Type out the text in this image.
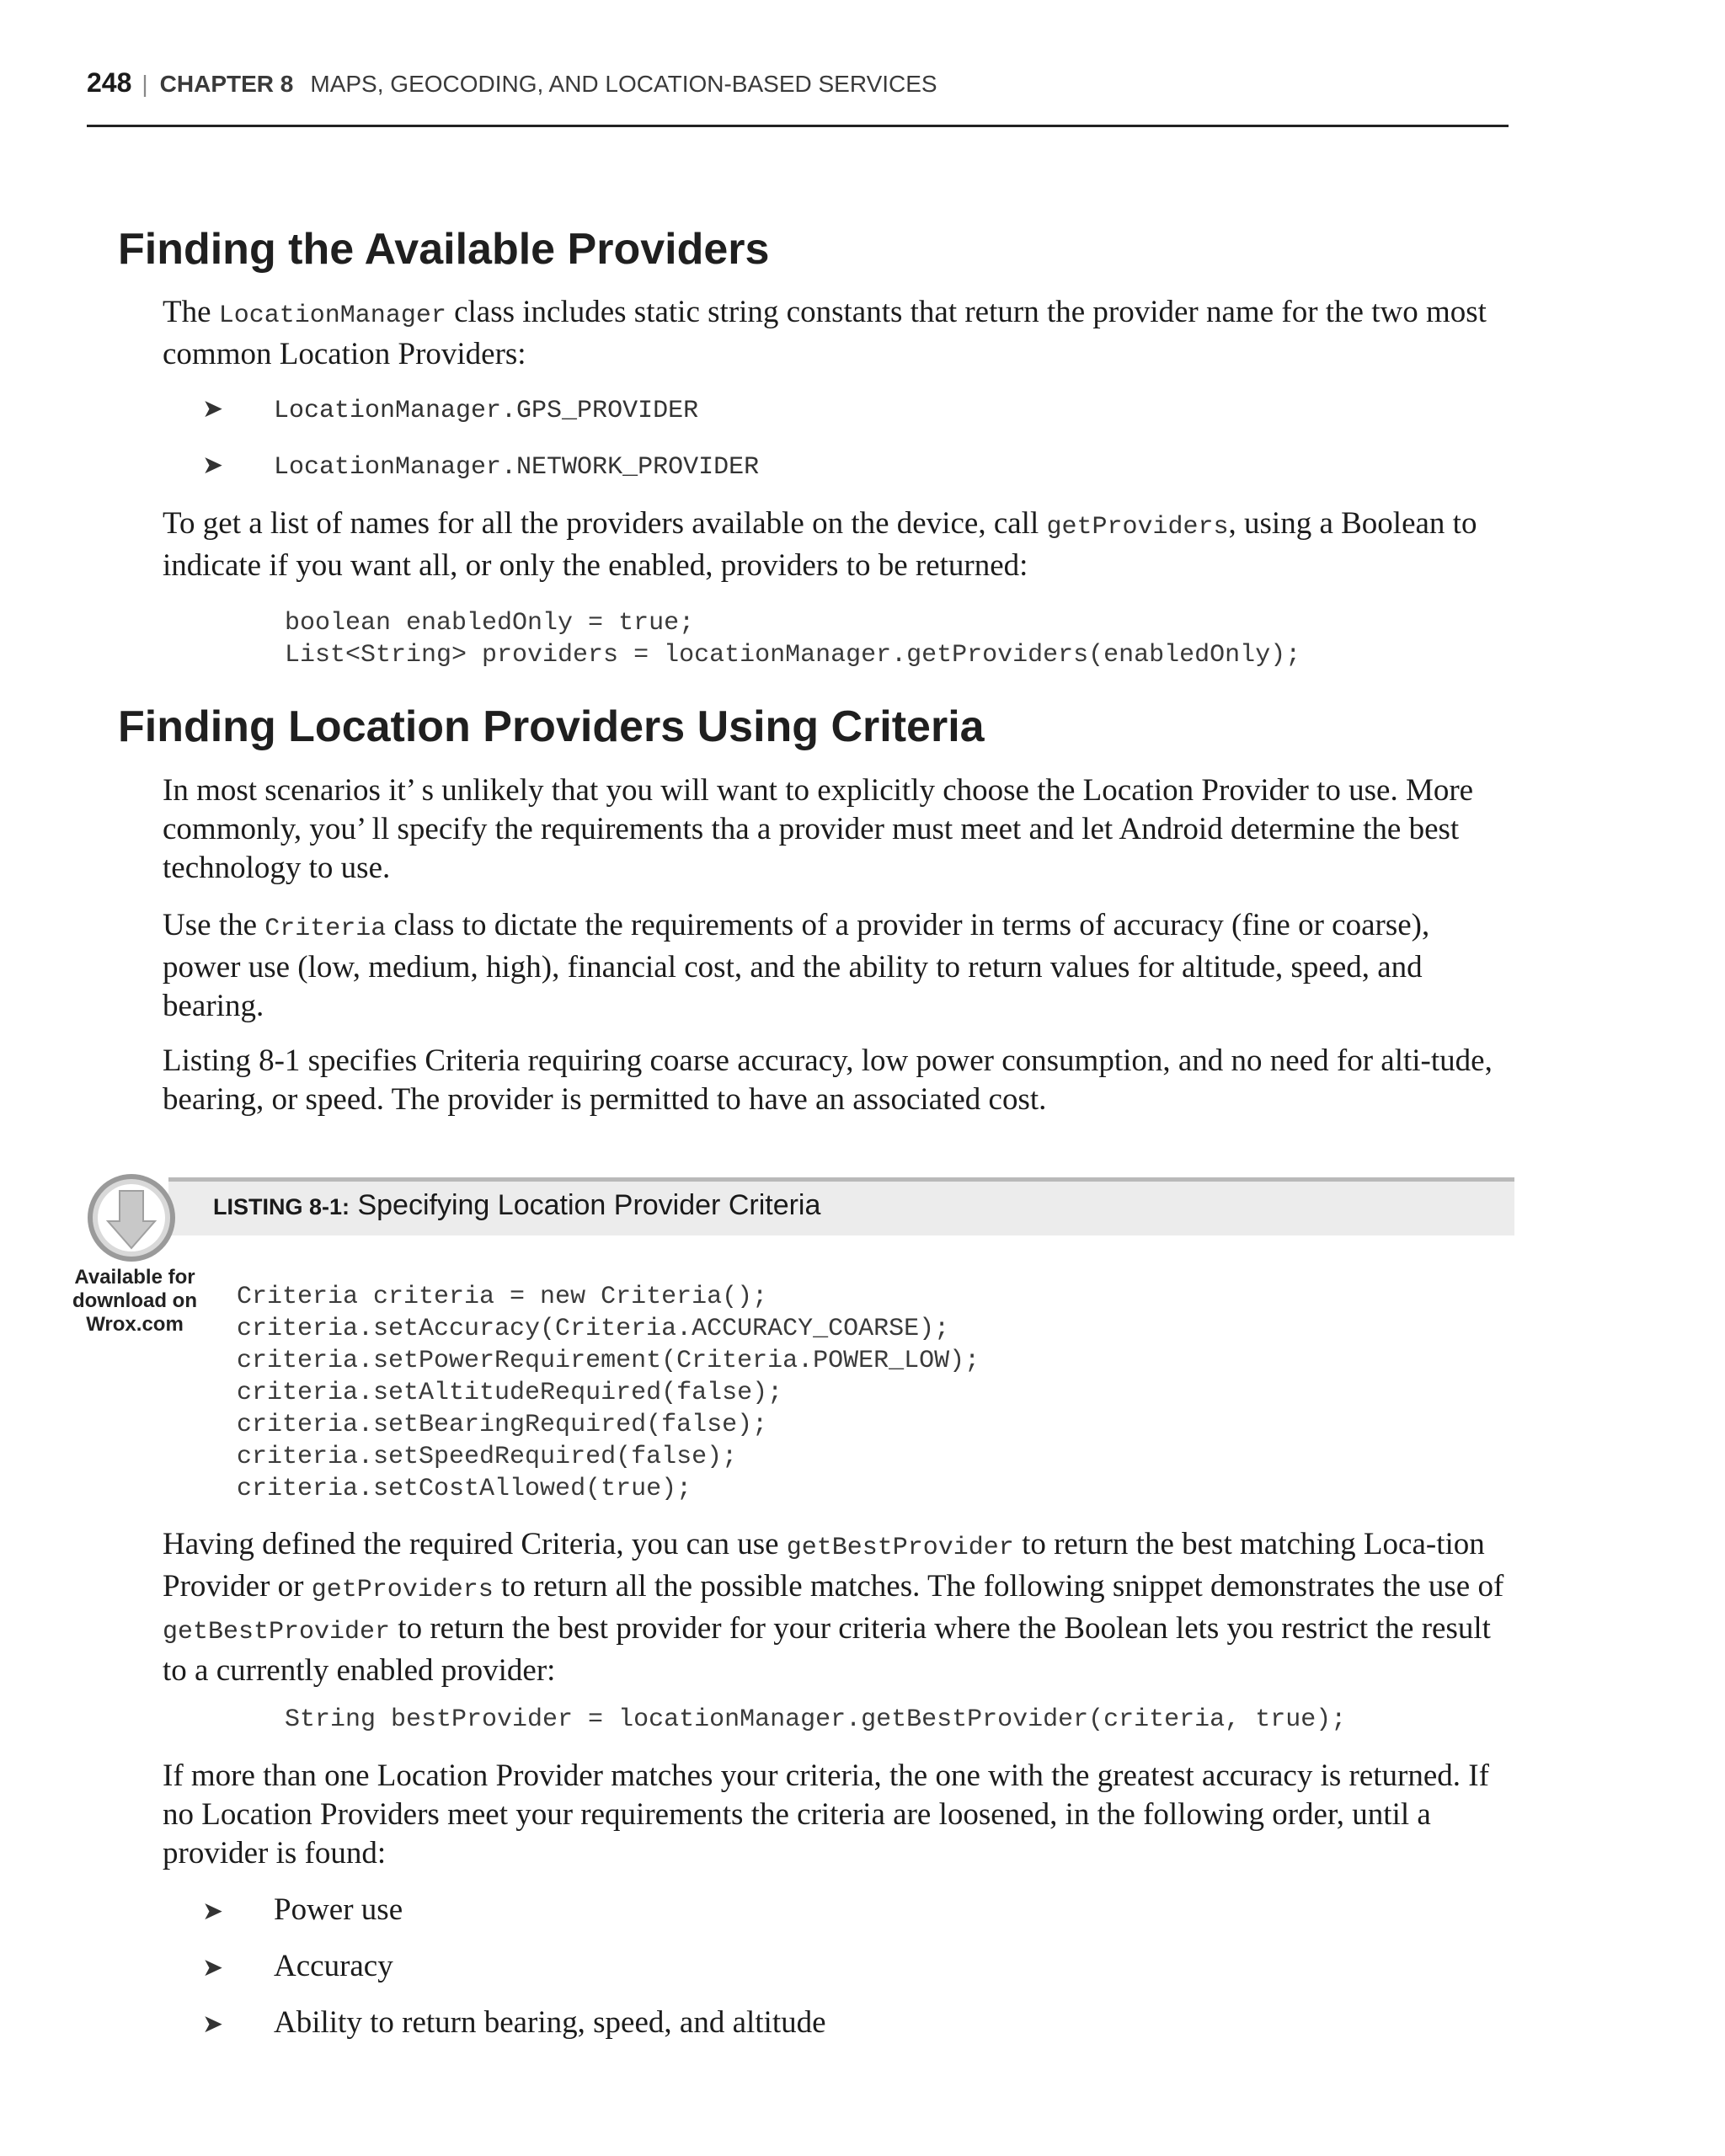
248 | CHAPTER 8 MAPS, GEOCODING, AND LOCATION-BASED SERVICES
Finding the Available Providers
The LocationManager class includes static string constants that return the provider name for the two most common Location Providers:
➤	LocationManager.GPS_PROVIDER
➤	LocationManager.NETWORK_PROVIDER
To get a list of names for all the providers available on the device, call getProviders, using a Boolean to indicate if you want all, or only the enabled, providers to be returned:
boolean enabledOnly = true;
List<String> providers = locationManager.getProviders(enabledOnly);
Finding Location Providers Using Criteria
In most scenarios it’ s unlikely that you will want to explicitly choose the Location Provider to use. More commonly, you’ ll specify the requirements tha a provider must meet and let Android determine the best technology to use.
Use the Criteria class to dictate the requirements of a provider in terms of accuracy (fine or coarse), power use (low, medium, high), financial cost, and the ability to return values for altitude, speed, and bearing.
Listing 8-1 specifies Criteria requiring coarse accuracy, low power consumption, and no need for alti-tude, bearing, or speed. The provider is permitted to have an associated cost.
LISTING 8-1: Specifying Location Provider Criteria
Available for download on Wrox.com
Criteria criteria = new Criteria();
criteria.setAccuracy(Criteria.ACCURACY_COARSE);
criteria.setPowerRequirement(Criteria.POWER_LOW);
criteria.setAltitudeRequired(false);
criteria.setBearingRequired(false);
criteria.setSpeedRequired(false);
criteria.setCostAllowed(true);
Having defined the required Criteria, you can use getBestProvider to return the best matching Loca-tion Provider or getProviders to return all the possible matches. The following snippet demonstrates the use of getBestProvider to return the best provider for your criteria where the Boolean lets you restrict the result to a currently enabled provider:
String bestProvider = locationManager.getBestProvider(criteria, true);
If more than one Location Provider matches your criteria, the one with the greatest accuracy is returned. If no Location Providers meet your requirements the criteria are loosened, in the following order, until a provider is found:
➤	Power use
➤	Accuracy
➤	Ability to return bearing, speed, and altitude
